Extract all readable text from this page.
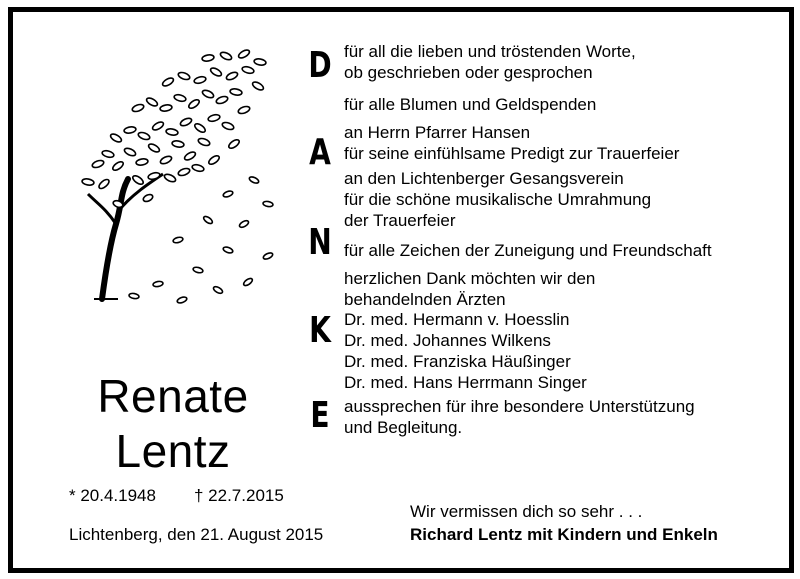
Renate
Lentz
* 20.4.1948 † 22.7.2015
Lichtenberg, den 21. August 2015
D
A
N
K
E
für all die lieben und tröstenden Worte,
ob geschrieben oder gesprochen
für alle Blumen und Geldspenden
an Herrn Pfarrer Hansen
für seine einfühlsame Predigt zur Trauerfeier
an den Lichtenberger Gesangsverein
für die schöne musikalische Umrahmung
der Trauerfeier
für alle Zeichen der Zuneigung und Freundschaft
herzlichen Dank möchten wir den
behandelnden Ärzten
Dr. med. Hermann v. Hoesslin
Dr. med. Johannes Wilkens
Dr. med. Franziska Häußinger
Dr. med. Hans Herrmann Singer
aussprechen für ihre besondere Unterstützung
und Begleitung.
Wir vermissen dich so sehr . . .
Richard Lentz mit Kindern und Enkeln
